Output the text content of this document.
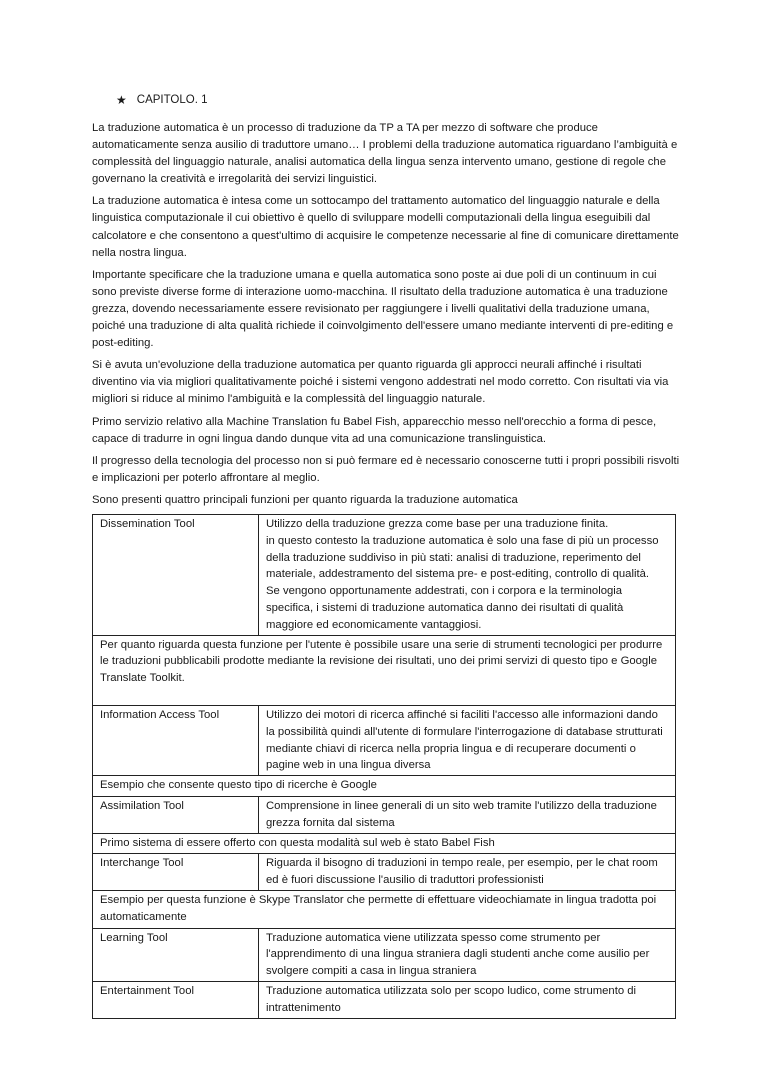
★ CAPITOLO. 1

La traduzione automatica è un processo di traduzione da TP a TA per mezzo di software che produce automaticamente senza ausilio di traduttore umano… I problemi della traduzione automatica riguardano l’ambiguità e complessità del linguaggio naturale, analisi automatica della lingua senza intervento umano, gestione di regole che governano la creatività e irregolarità dei servizi linguistici.

La traduzione automatica è intesa come un sottocampo del trattamento automatico del linguaggio naturale e della linguistica computazionale il cui obiettivo è quello di sviluppare modelli computazionali della lingua eseguibili dal calcolatore e che consentono a quest'ultimo di acquisire le competenze necessarie al fine di comunicare direttamente nella nostra lingua.

Importante specificare che la traduzione umana e quella automatica sono poste ai due poli di un continuum in cui sono previste diverse forme di interazione uomo-macchina. Il risultato della traduzione automatica è una traduzione grezza, dovendo necessariamente essere revisionato per raggiungere i livelli qualitativi della traduzione umana, poiché una traduzione di alta qualità richiede il coinvolgimento dell'essere umano mediante interventi di pre-editing e post-editing.

Si è avuta un'evoluzione della traduzione automatica per quanto riguarda gli approcci neurali affinché i risultati diventino via via migliori qualitativamente poiché i sistemi vengono addestrati nel modo corretto. Con risultati via via migliori si riduce al minimo l'ambiguità e la complessità del linguaggio naturale.

Primo servizio relativo alla Machine Translation fu Babel Fish, apparecchio messo nell'orecchio a forma di pesce, capace di tradurre in ogni lingua dando dunque vita ad una comunicazione translinguistica.

Il progresso della tecnologia del processo non si può fermare ed è necessario conoscerne tutti i propri possibili risvolti e implicazioni per poterlo affrontare al meglio.

Sono presenti quattro principali funzioni per quanto riguarda la traduzione automatica

Dissemination Tool	Utilizzo della traduzione grezza come base per una traduzione finita.
in questo contesto la traduzione automatica è solo una fase di più un processo della traduzione suddiviso in più stati: analisi di traduzione, reperimento del materiale, addestramento del sistema pre- e post-editing, controllo di qualità.
Se vengono opportunamente addestrati, con i corpora e la terminologia specifica, i sistemi di traduzione automatica danno dei risultati di qualità maggiore ed economicamente vantaggiosi.

Per quanto riguarda questa funzione per l'utente è possibile usare una serie di strumenti tecnologici per produrre le traduzioni pubblicabili prodotte mediante la revisione dei risultati, uno dei primi servizi di questo tipo e Google Translate Toolkit.	
Information Access Tool	Utilizzo dei motori di ricerca affinché si faciliti l'accesso alle informazioni dando la possibilità quindi all'utente di formulare l'interrogazione di database strutturati mediante chiavi di ricerca nella propria lingua e di recuperare documenti o pagine web in una lingua diversa

Esempio che consente questo tipo di ricerche è Google	
Assimilation Tool	Comprensione in linee generali di un sito web tramite l'utilizzo della traduzione grezza fornita dal sistema

Primo sistema di essere offerto con questa modalità sul web è stato Babel Fish	
Interchange Tool	Riguarda il bisogno di traduzioni in tempo reale, per esempio, per le chat room ed è fuori discussione l'ausilio di traduttori professionisti

Esempio per questa funzione è Skype Translator che permette di effettuare videochiamate in lingua tradotta poi automaticamente	
Learning Tool	Traduzione automatica viene utilizzata spesso come strumento per l'apprendimento di una lingua straniera dagli studenti anche come ausilio per svolgere compiti a casa in lingua straniera

Entertainment Tool	Traduzione automatica utilizzata solo per scopo ludico, come strumento di intrattenimento
